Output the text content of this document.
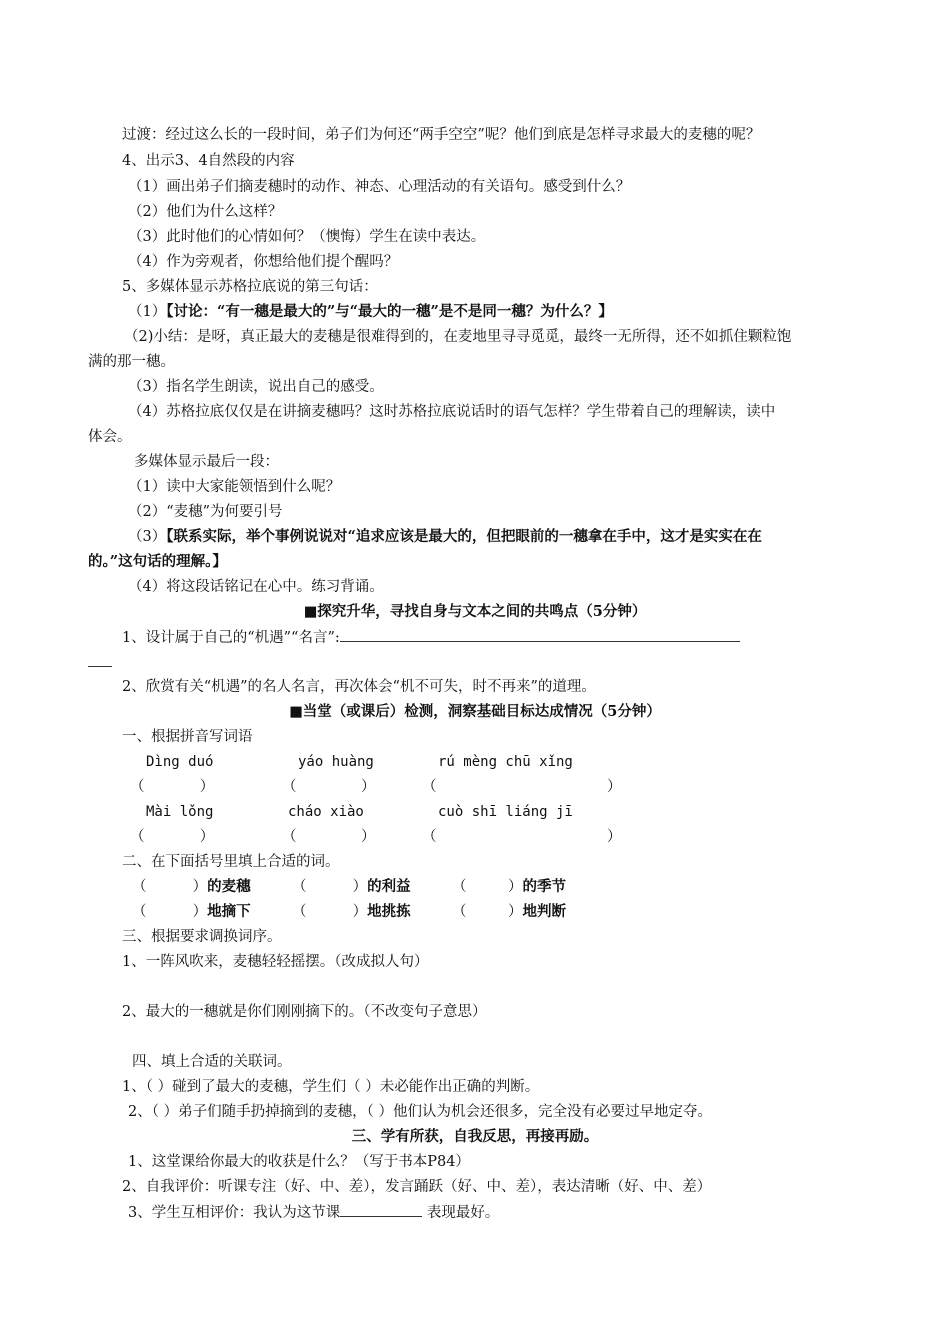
过渡：经过这么长的一段时间，弟子们为何还“两手空空”呢？他们到底是怎样寻求最大的麦穗的呢？
4、出示3、4自然段的内容
（1）画出弟子们摘麦穗时的动作、神态、心理活动的有关语句。感受到什么？
（2）他们为什么这样？
（3）此时他们的心情如何？（懊悔）学生在读中表达。
（4）作为旁观者，你想给他们提个醒吗？
5、多媒体显示苏格拉底说的第三句话：
（1）【讨论：“有一穗是最大的”与“最大的一穗”是不是同一穗？为什么？】
（2)小结：是呀，真正最大的麦穗是很难得到的，在麦地里寻寻觅觅，最终一无所得，还不如抓住颗粒饱
满的那一穗。
（3）指名学生朗读，说出自己的感受。
（4）苏格拉底仅仅是在讲摘麦穗吗？这时苏格拉底说话时的语气怎样？学生带着自己的理解读，读中
体会。
多媒体显示最后一段：
（1）读中大家能领悟到什么呢？
（2）“麦穗”为何要引号
（3）【联系实际，举个事例说说对“追求应该是最大的，但把眼前的一穗拿在手中，这才是实实在在
的。”这句话的理解。】
（4）将这段话铭记在心中。练习背诵。
■探究升华，寻找自身与文本之间的共鸣点（5分钟）
1、设计属于自己的“机遇”“名言”:
2、欣赏有关“机遇”的名人名言，再次体会“机不可失，时不再来”的道理。
■当堂（或课后）检测，洞察基础目标达成情况（5分钟）
一、根据拼音写词语
Dìng duó	yáo huàng	rú mèng chū xǐng
（            ）	（              ）	（                                     ）
Mài lǒng	cháo xiào	cuò shī liáng jī
（            ）	（              ）	（                                     ）
二、在下面括号里填上合适的词。
（          ）的麦穗	（          ）的利益	（         ）的季节
（          ）地摘下	（          ）地挑拣	（         ）地判断
三、根据要求调换词序。
1、一阵风吹来，麦穗轻轻摇摆。（改成拟人句）
2、最大的一穗就是你们刚刚摘下的。（不改变句子意思）
四、填上合适的关联词。
1、（ ）碰到了最大的麦穗，学生们（ ）未必能作出正确的判断。
2、（ ）弟子们随手扔掉摘到的麦穗，（ ）他们认为机会还很多，完全没有必要过早地定夺。
三、学有所获，自我反思，再接再励。
1、这堂课给你最大的收获是什么？（写于书本P84）
2、自我评价：听课专注（好、中、差），发言踊跃（好、中、差），表达清晰（好、中、差）
3、学生互相评价：我认为这节课	表现最好。
